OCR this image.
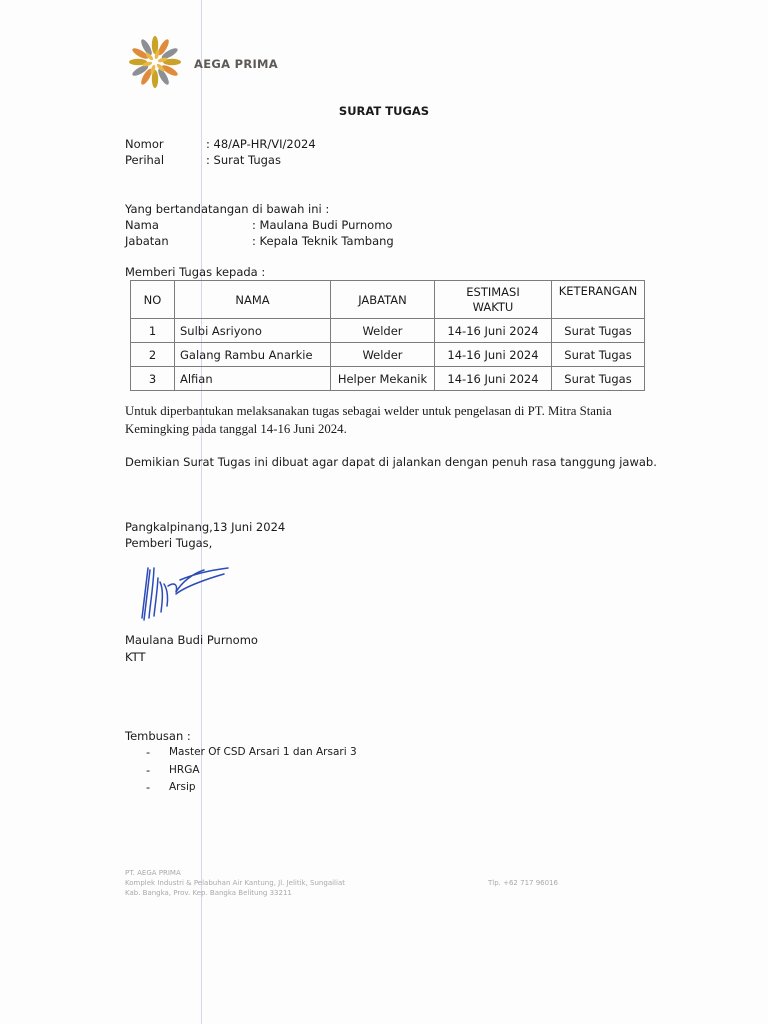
AEGA PRIMA
SURAT TUGAS
Nomor	: 48/AP-HR/VI/2024
Perihal	: Surat Tugas
Yang bertandatangan di bawah ini :
Nama	: Maulana Budi Purnomo
Jabatan	: Kepala Teknik Tambang
Memberi Tugas kepada :
NO	NAMA	JABATAN	ESTIMASI WAKTU	KETERANGAN
1	Sulbi Asriyono	Welder	14-16 Juni 2024	Surat Tugas
2	Galang Rambu Anarkie	Welder	14-16 Juni 2024	Surat Tugas
3	Alfian	Helper Mekanik	14-16 Juni 2024	Surat Tugas
Untuk diperbantukan melaksanakan tugas sebagai welder untuk pengelasan di PT. Mitra Stania Kemingking pada tanggal 14-16 Juni 2024.
Demikian Surat Tugas ini dibuat agar dapat di jalankan dengan penuh rasa tanggung jawab.
Pangkalpinang,13 Juni 2024
Pemberi Tugas,
Maulana Budi Purnomo
KTT
Tembusan :
- Master Of CSD Arsari 1 dan Arsari 3
- HRGA
- Arsip
PT. AEGA PRIMA
Komplek Industri & Pelabuhan Air Kantung, Jl. Jelitik, Sungailiat
Kab. Bangka, Prov. Kep. Bangka Belitung 33211
Tlp. +62 717 96016
